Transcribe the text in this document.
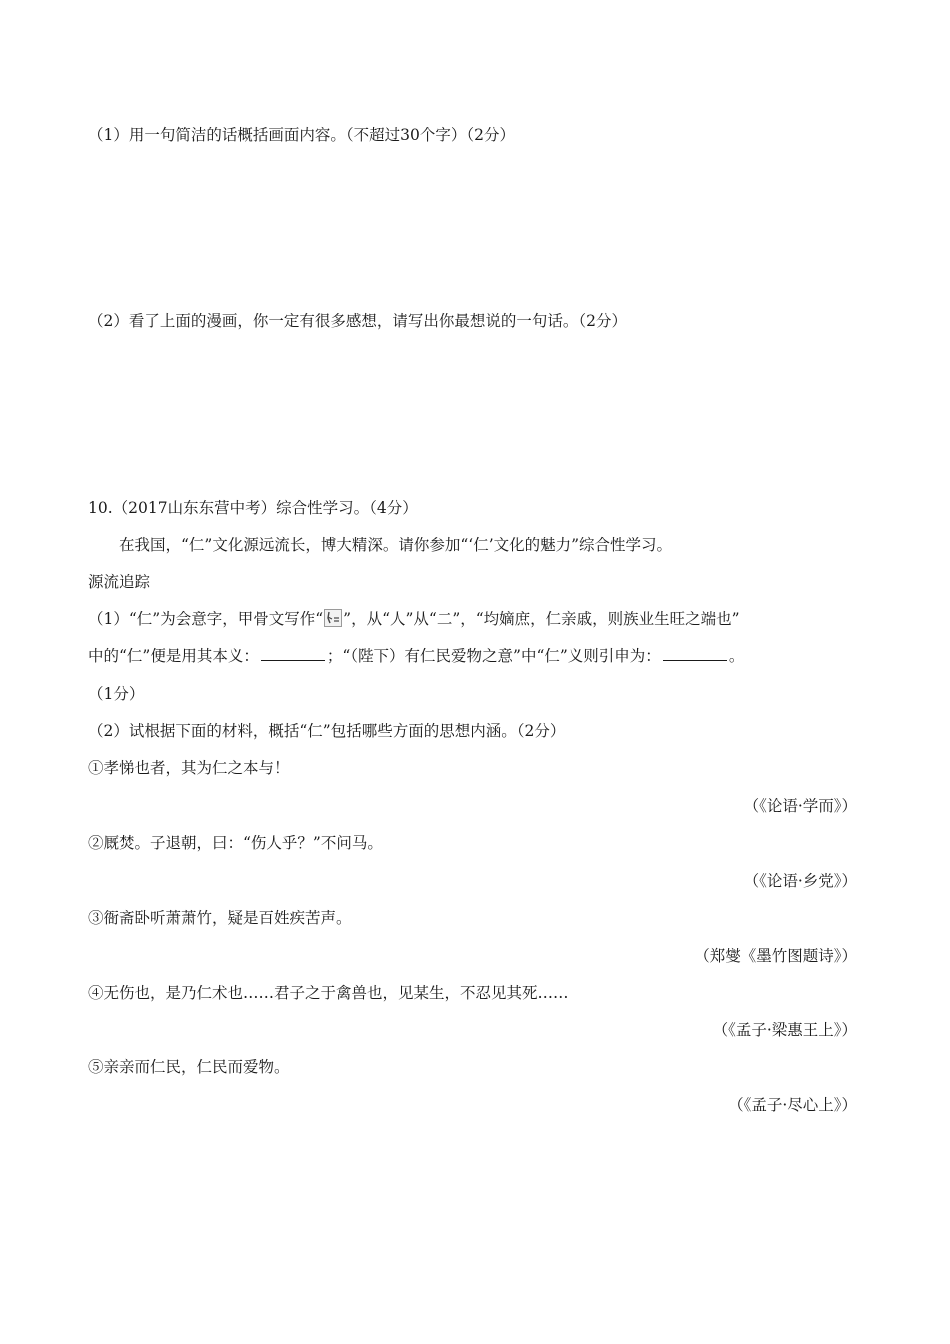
（1）用一句简洁的话概括画面内容。（不超过30个字）（2分）
（2）看了上面的漫画，你一定有很多感想，请写出你最想说的一句话。（2分）
10.（2017山东东营中考）综合性学习。（4分）
在我国，“仁”文化源远流长，博大精深。请你参加“‘仁’文化的魅力”综合性学习。
源流追踪
（1）“仁”为会意字，甲骨文写作“ ”，从“人”从“二”，“均嫡庶，仁亲戚，则族业生旺之端也”
中的“仁”便是用其本义：	；“（陛下）有仁民爱物之意”中“仁”义则引申为：	。
（1分）
（2）试根据下面的材料，概括“仁”包括哪些方面的思想内涵。（2分）
①孝悌也者，其为仁之本与！
（《论语·学而》）
②厩焚。子退朝，曰：“伤人乎？”不问马。
（《论语·乡党》）
③衙斋卧听萧萧竹，疑是百姓疾苦声。
（郑燮《墨竹图题诗》）
④无伤也，是乃仁术也……君子之于禽兽也，见某生，不忍见其死……
（《孟子·梁惠王上》）
⑤亲亲而仁民，仁民而爱物。
（《孟子·尽心上》）
